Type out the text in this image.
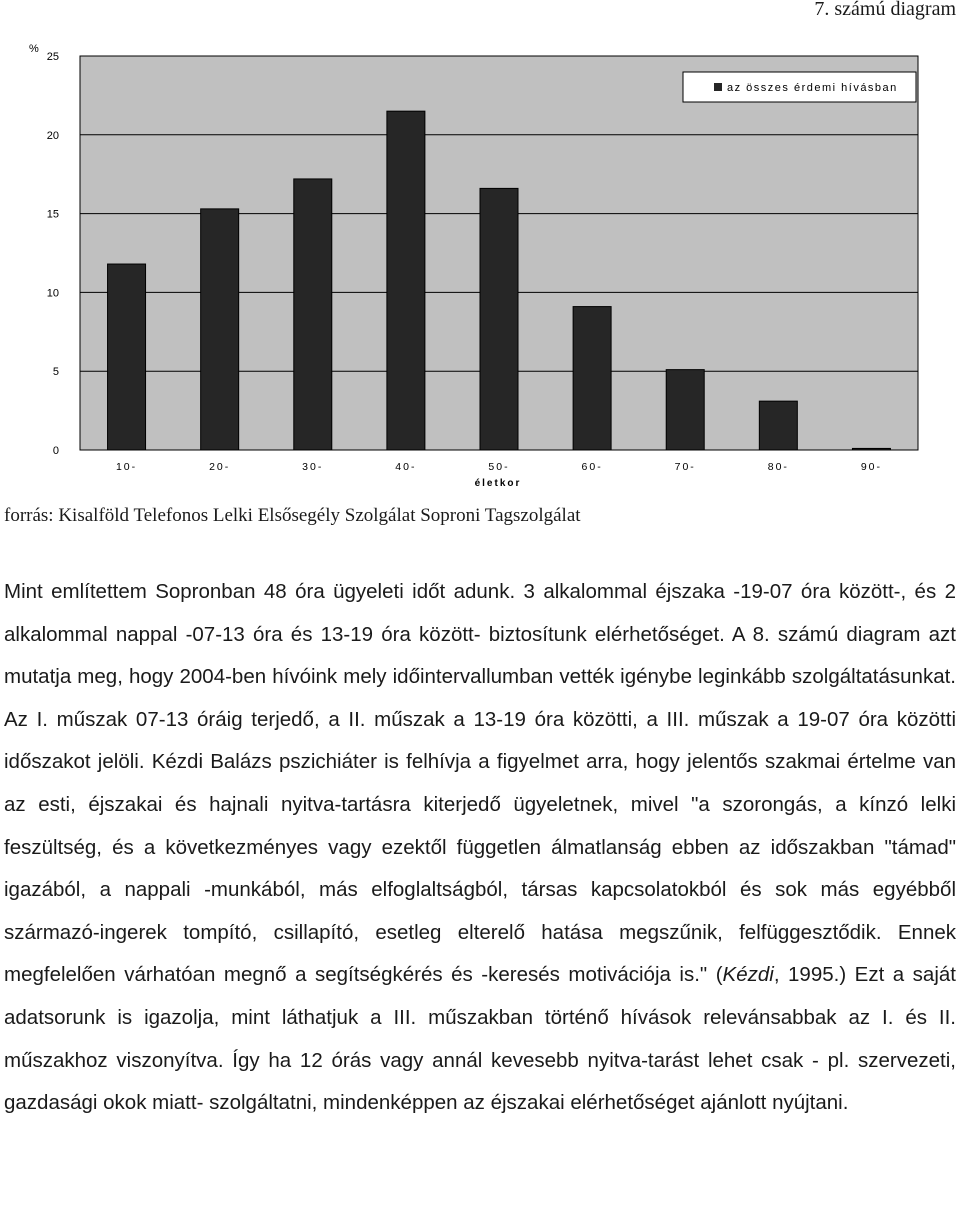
7. számú diagram
0
5
10
15
20
25
10-	20-	30-	40-	50-	60-	70-	80-	90-
%
életkor
az összes érdemi hívásban
forrás: Kisalföld Telefonos Lelki Elsősegély Szolgálat Soproni Tagszolgálat

Mint említettem Sopronban 48 óra ügyeleti időt adunk. 3 alkalommal éjszaka -19-07 óra között-, és 2 alkalommal nappal -07-13 óra és 13-19 óra között- biztosítunk elérhetőséget. A 8. számú diagram azt mutatja meg, hogy 2004-ben hívóink mely időintervallumban vették igénybe leginkább szolgáltatásunkat. Az I. műszak 07-13 óráig terjedő, a II. műszak a 13-19 óra közötti, a III. műszak a 19-07 óra közötti időszakot jelöli. Kézdi Balázs pszichiáter is felhívja a figyelmet arra, hogy jelentős szakmai értelme van az esti, éjszakai és hajnali nyitva-tartásra kiterjedő ügyeletnek, mivel "a szorongás, a kínzó lelki feszültség, és a következményes vagy ezektől független álmatlanság ebben az időszakban "támad" igazából, a nappali -munkából, más elfoglaltságból, társas kapcsolatokból és sok más egyébből származó-ingerek tompító, csillapító, esetleg elterelő hatása megszűnik, felfüggesztődik. Ennek megfelelően várhatóan megnő a segítségkérés és -keresés motivációja is." (Kézdi, 1995.) Ezt a saját adatsorunk is igazolja, mint láthatjuk a III. műszakban történő hívások relevánsabbak az I. és II. műszakhoz viszonyítva. Így ha 12 órás vagy annál kevesebb nyitva-tarást lehet csak - pl. szervezeti, gazdasági okok miatt- szolgáltatni, mindenképpen az éjszakai elérhetőséget ajánlott nyújtani.
